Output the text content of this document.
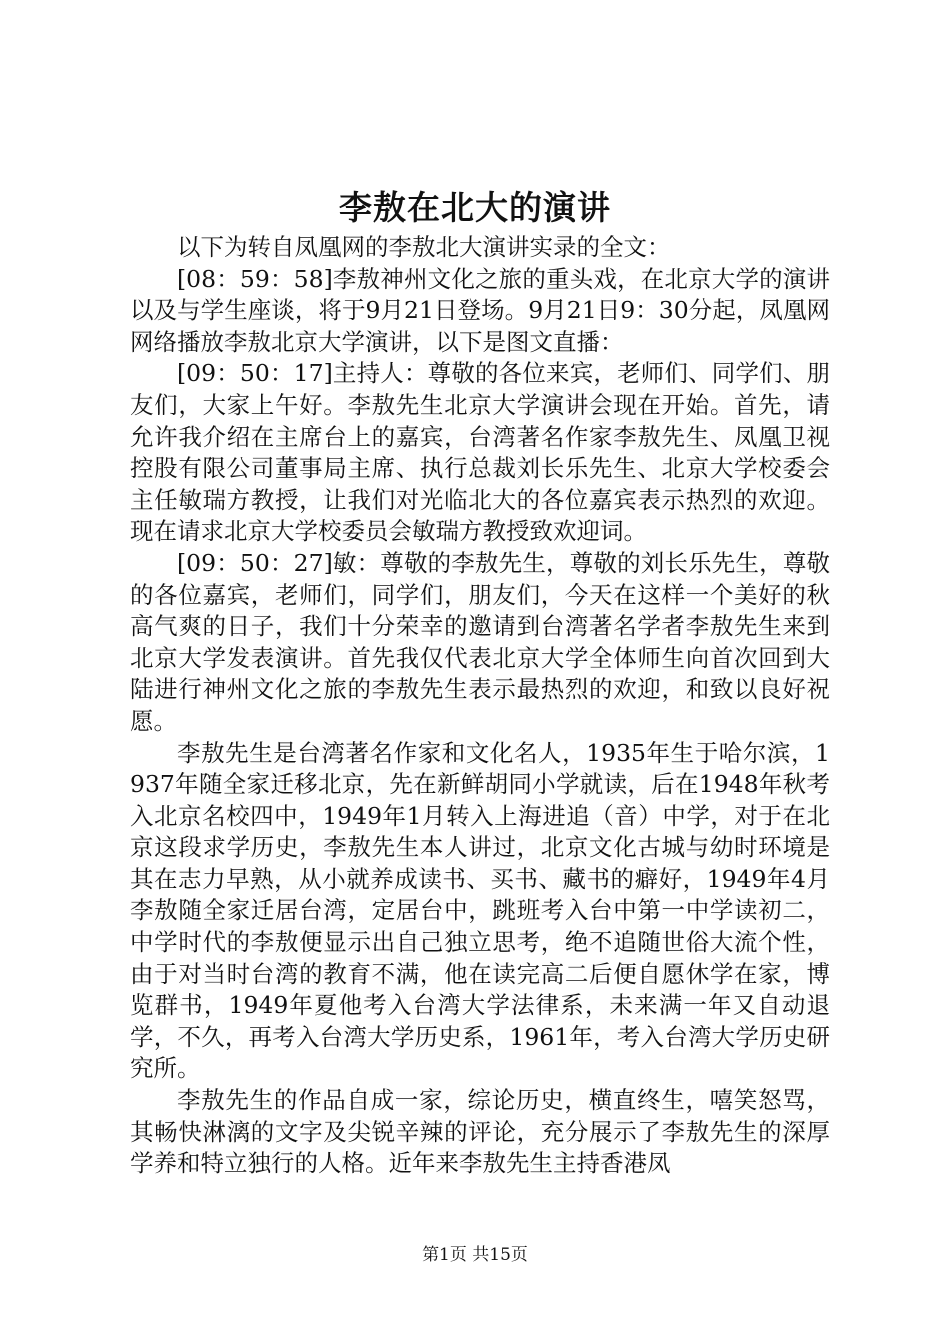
李敖在北大的演讲

以下为转自凤凰网的李敖北大演讲实录的全文：

[08：59：58]李敖神州文化之旅的重头戏，在北京大学的演讲以及与学生座谈，将于9月21日登场。9月21日9：30分起，凤凰网网络播放李敖北京大学演讲，以下是图文直播：

[09：50：17]主持人：尊敬的各位来宾，老师们、同学们、朋友们，大家上午好。李敖先生北京大学演讲会现在开始。首先，请允许我介绍在主席台上的嘉宾，台湾著名作家李敖先生、凤凰卫视控股有限公司董事局主席、执行总裁刘长乐先生、北京大学校委会主任敏瑞方教授，让我们对光临北大的各位嘉宾表示热烈的欢迎。现在请求北京大学校委员会敏瑞方教授致欢迎词。

[09：50：27]敏：尊敬的李敖先生，尊敬的刘长乐先生，尊敬的各位嘉宾，老师们，同学们，朋友们，今天在这样一个美好的秋高气爽的日子，我们十分荣幸的邀请到台湾著名学者李敖先生来到北京大学发表演讲。首先我仅代表北京大学全体师生向首次回到大陆进行神州文化之旅的李敖先生表示最热烈的欢迎，和致以良好祝愿。

李敖先生是台湾著名作家和文化名人，1935年生于哈尔滨，1937年随全家迁移北京，先在新鲜胡同小学就读，后在1948年秋考入北京名校四中，1949年1月转入上海进追（音）中学，对于在北京这段求学历史，李敖先生本人讲过，北京文化古城与幼时环境是其在志力早熟，从小就养成读书、买书、藏书的癖好，1949年4月李敖随全家迁居台湾，定居台中，跳班考入台中第一中学读初二，中学时代的李敖便显示出自己独立思考，绝不追随世俗大流个性，由于对当时台湾的教育不满，他在读完高二后便自愿休学在家，博览群书，1949年夏他考入台湾大学法律系，未来满一年又自动退学，不久，再考入台湾大学历史系，1961年，考入台湾大学历史研究所。

李敖先生的作品自成一家，综论历史，横直终生，嘻笑怒骂，其畅快淋漓的文字及尖锐辛辣的评论，充分展示了李敖先生的深厚学养和特立独行的人格。近年来李敖先生主持香港凤

第1页 共15页
